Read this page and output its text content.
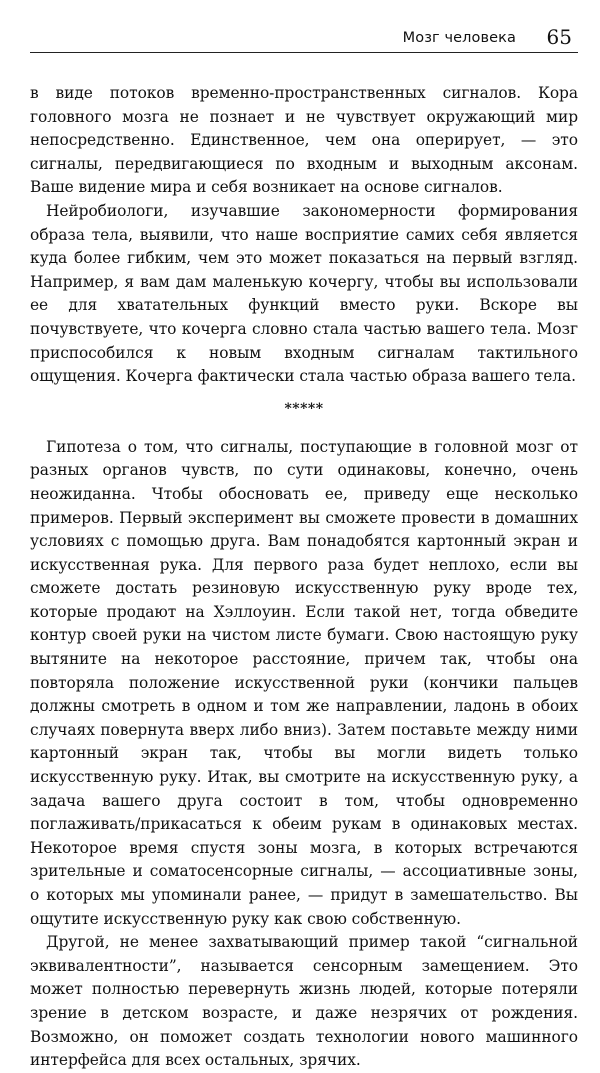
Мозг человека 65

в виде потоков временно-пространственных сигналов. Кора головного мозга не познает и не чувствует окружающий мир непосредственно. Единственное, чем она оперирует, — это сигналы, передвигающиеся по входным и выходным аксонам. Ваше видение мира и себя возникает на основе сигналов.

Нейробиологи, изучавшие закономерности формирования образа тела, выявили, что наше восприятие самих себя является куда более гибким, чем это может показаться на первый взгляд. Например, я вам дам маленькую кочергу, чтобы вы использовали ее для хватательных функций вместо руки. Вскоре вы почувствуете, что кочерга словно стала частью вашего тела. Мозг приспособился к новым входным сигналам тактильного ощущения. Кочерга фактически стала частью образа вашего тела.

*****

Гипотеза о том, что сигналы, поступающие в головной мозг от разных органов чувств, по сути одинаковы, конечно, очень неожиданна. Чтобы обосновать ее, приведу еще несколько примеров. Первый эксперимент вы сможете провести в домашних условиях с помощью друга. Вам понадобятся картонный экран и искусственная рука. Для первого раза будет неплохо, если вы сможете достать резиновую искусственную руку вроде тех, которые продают на Хэллоуин. Если такой нет, тогда обведите контур своей руки на чистом листе бумаги. Свою настоящую руку вытяните на некоторое расстояние, причем так, чтобы она повторяла положение искусственной руки (кончики пальцев должны смотреть в одном и том же направлении, ладонь в обоих случаях повернута вверх либо вниз). Затем поставьте между ними картонный экран так, чтобы вы могли видеть только искусственную руку. Итак, вы смотрите на искусственную руку, а задача вашего друга состоит в том, чтобы одновременно поглаживать/прикасаться к обеим рукам в одинаковых местах. Некоторое время спустя зоны мозга, в которых встречаются зрительные и соматосенсорные сигналы, — ассоциативные зоны, о которых мы упоминали ранее, — придут в замешательство. Вы ощутите искусственную руку как свою собственную.

Другой, не менее захватывающий пример такой “сигнальной эквивалентности”, называется сенсорным замещением. Это может полностью перевернуть жизнь людей, которые потеряли зрение в детском возрасте, и даже незрячих от рождения. Возможно, он поможет создать технологии нового машинного интерфейса для всех остальных, зрячих.
